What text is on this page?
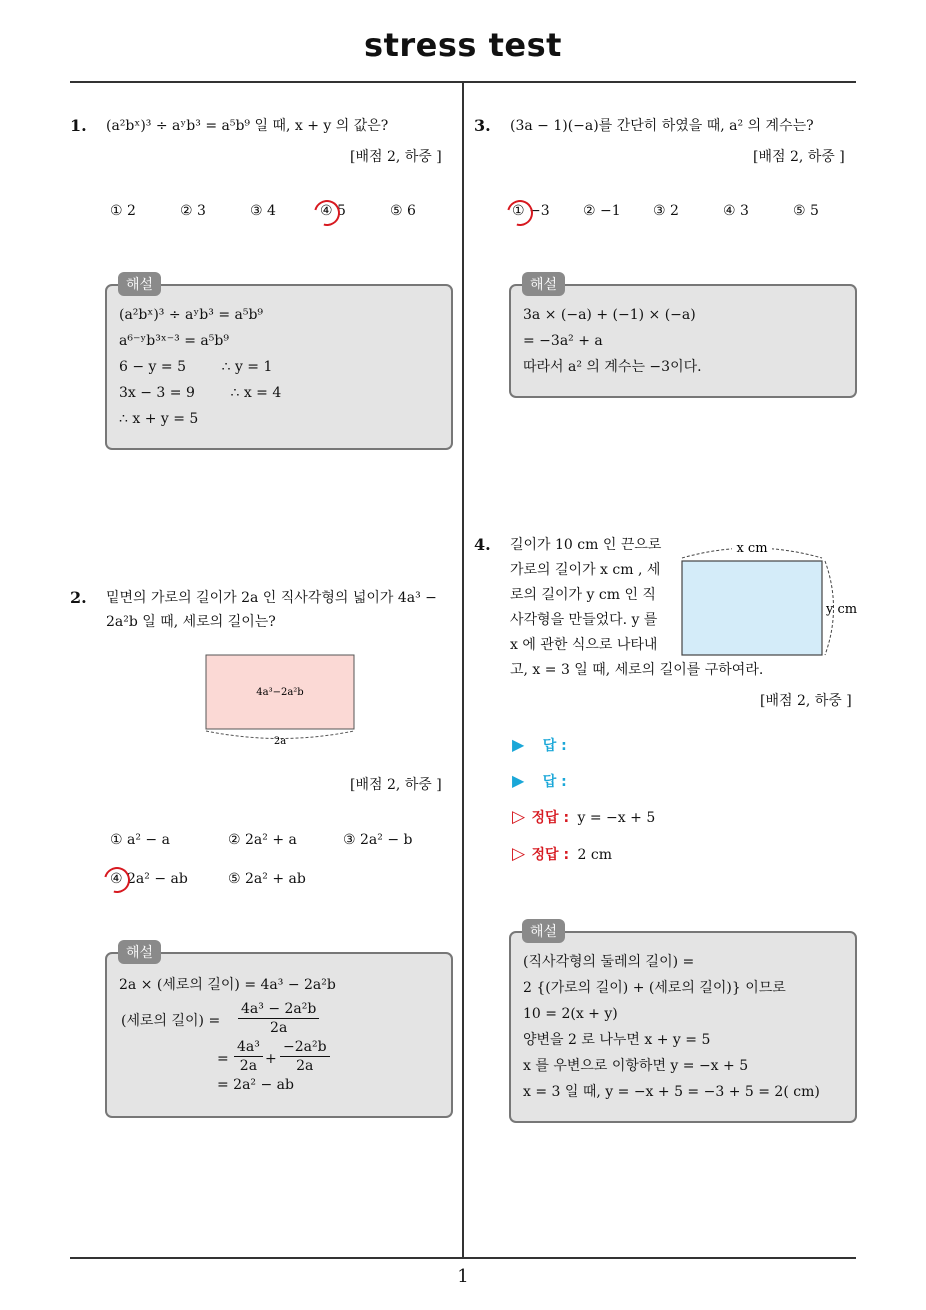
stress test
1
1. (a²bˣ)³ ÷ aʸb³ = a⁵b⁹ 일 때, x + y 의 값은?
[배점 2, 하중 ]
① 2	② 3	③ 4	④ 5	⑤ 6
(a²bˣ)³ ÷ aʸb³ = a⁵b⁹
a⁶⁻ʸb³ˣ⁻³ = a⁵b⁹
6 − y = 5        ∴ y = 1
3x − 3 = 9        ∴ x = 4
∴ x + y = 5
해설
2. 밑면의 가로의 길이가 2a 인 직사각형의 넓이가 4a³ −
2a²b 일 때, 세로의 길이는?
4a³−2a²b
2a
[배점 2, 하중 ]
① a² − a	② 2a² + a	③ 2a² − b
④ 2a² − ab	⑤ 2a² + ab
2a × (세로의 길이) = 4a³ − 2a²b
(세로의 길이) = $\frac{\text{4a³ − 2a²b}}{2a}$
= $\frac{\text{4a³}}{2a} + \frac{\text{−2a²b}}{2a}$
= 2a² − ab
해설
3. (3a − 1)(−a)를 간단히 하였을 때, a² 의 계수는?
[배점 2, 하중 ]
① −3 ② −1 ③ 2	④ 3	⑤ 5
3a × (−a) + (−1) × (−a)
= −3a² + a
따라서 a² 의 계수는 −3이다.
해설
4. 길이가 10 cm 인 끈으로
가로의 길이가 x cm , 세
로의 길이가 y cm 인 직
사각형을 만들었다. y 를
x 에 관한 식으로 나타내
고, x = 3 일 때, 세로의 길이를 구하여라.
x cm
y cm
[배점 2, 하중 ]
▶ 답 :
▶ 답 :
▷ 정답 : y = −x + 5
▷ 정답 : 2 cm
(직사각형의 둘레의 길이) =
2 {(가로의 길이) + (세로의 길이)} 이므로
10 = 2(x + y)
양변을 2 로 나누면 x + y = 5
x 를 우변으로 이항하면 y = −x + 5
x = 3 일 때, y = −x + 5 = −3 + 5 = 2( cm)
해설
